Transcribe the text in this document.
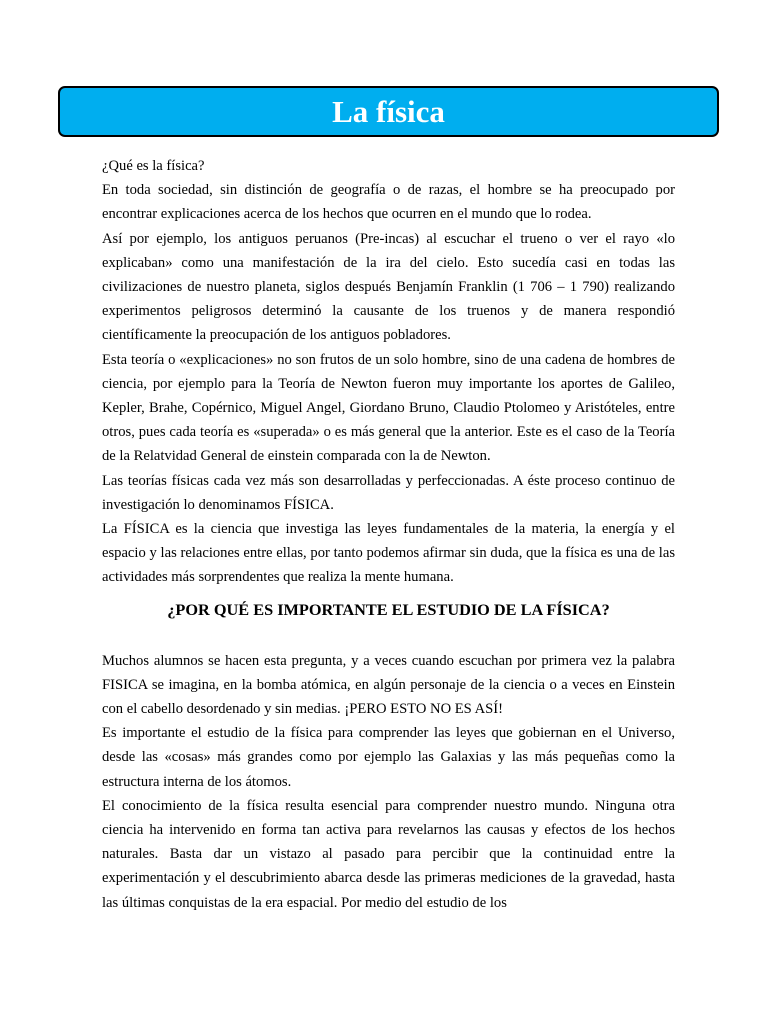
La física

¿Qué es la física?

En toda sociedad, sin distinción de geografía o de razas, el hombre se ha preocupado por encontrar explicaciones acerca de los hechos que ocurren en el mundo que lo rodea.

Así por ejemplo, los antiguos peruanos (Pre-incas) al escuchar el trueno o ver el rayo «lo explicaban» como una manifestación de la ira del cielo. Esto sucedía casi en todas las civilizaciones de nuestro planeta, siglos después Benjamín Franklin (1 706 – 1 790) realizando experimentos peligrosos determinó la causante de los truenos y de manera respondió científicamente la preocupación de los antiguos pobladores.

Esta teoría o «explicaciones» no son frutos de un solo hombre, sino de una cadena de hombres de ciencia, por ejemplo para la Teoría de Newton fueron muy importante los aportes de Galileo, Kepler, Brahe, Copérnico, Miguel Angel, Giordano Bruno, Claudio Ptolomeo y Aristóteles, entre otros, pues cada teoría es «superada» o es más general que la anterior. Este es el caso de la Teoría de la Relatvidad General de einstein comparada con la de Newton.

Las teorías físicas cada vez más son desarrolladas y perfeccionadas. A éste proceso continuo de investigación lo denominamos FÍSICA.

La FÍSICA es la ciencia que investiga las leyes fundamentales de la materia, la energía y el espacio y las relaciones entre ellas, por tanto podemos afirmar sin duda, que la física es una de las actividades más sorprendentes que realiza la mente humana.

¿POR QUÉ ES IMPORTANTE EL ESTUDIO DE LA FÍSICA?

Muchos alumnos se hacen esta pregunta, y a veces cuando escuchan por primera vez la palabra FISICA se imagina, en la bomba atómica, en algún personaje de la ciencia o a veces en Einstein con el cabello desordenado y sin medias. ¡PERO ESTO NO ES ASÍ!

Es importante el estudio de la física para comprender las leyes que gobiernan en el Universo, desde las «cosas» más grandes como por ejemplo las Galaxias y las más pequeñas como la estructura interna de los átomos.

El conocimiento de la física resulta esencial para comprender nuestro mundo. Ninguna otra ciencia ha intervenido en forma tan activa para revelarnos las causas y efectos de los hechos naturales. Basta dar un vistazo al pasado para percibir que la continuidad entre la experimentación y el descubrimiento abarca desde las primeras mediciones de la gravedad, hasta las últimas conquistas de la era espacial. Por medio del estudio de los
